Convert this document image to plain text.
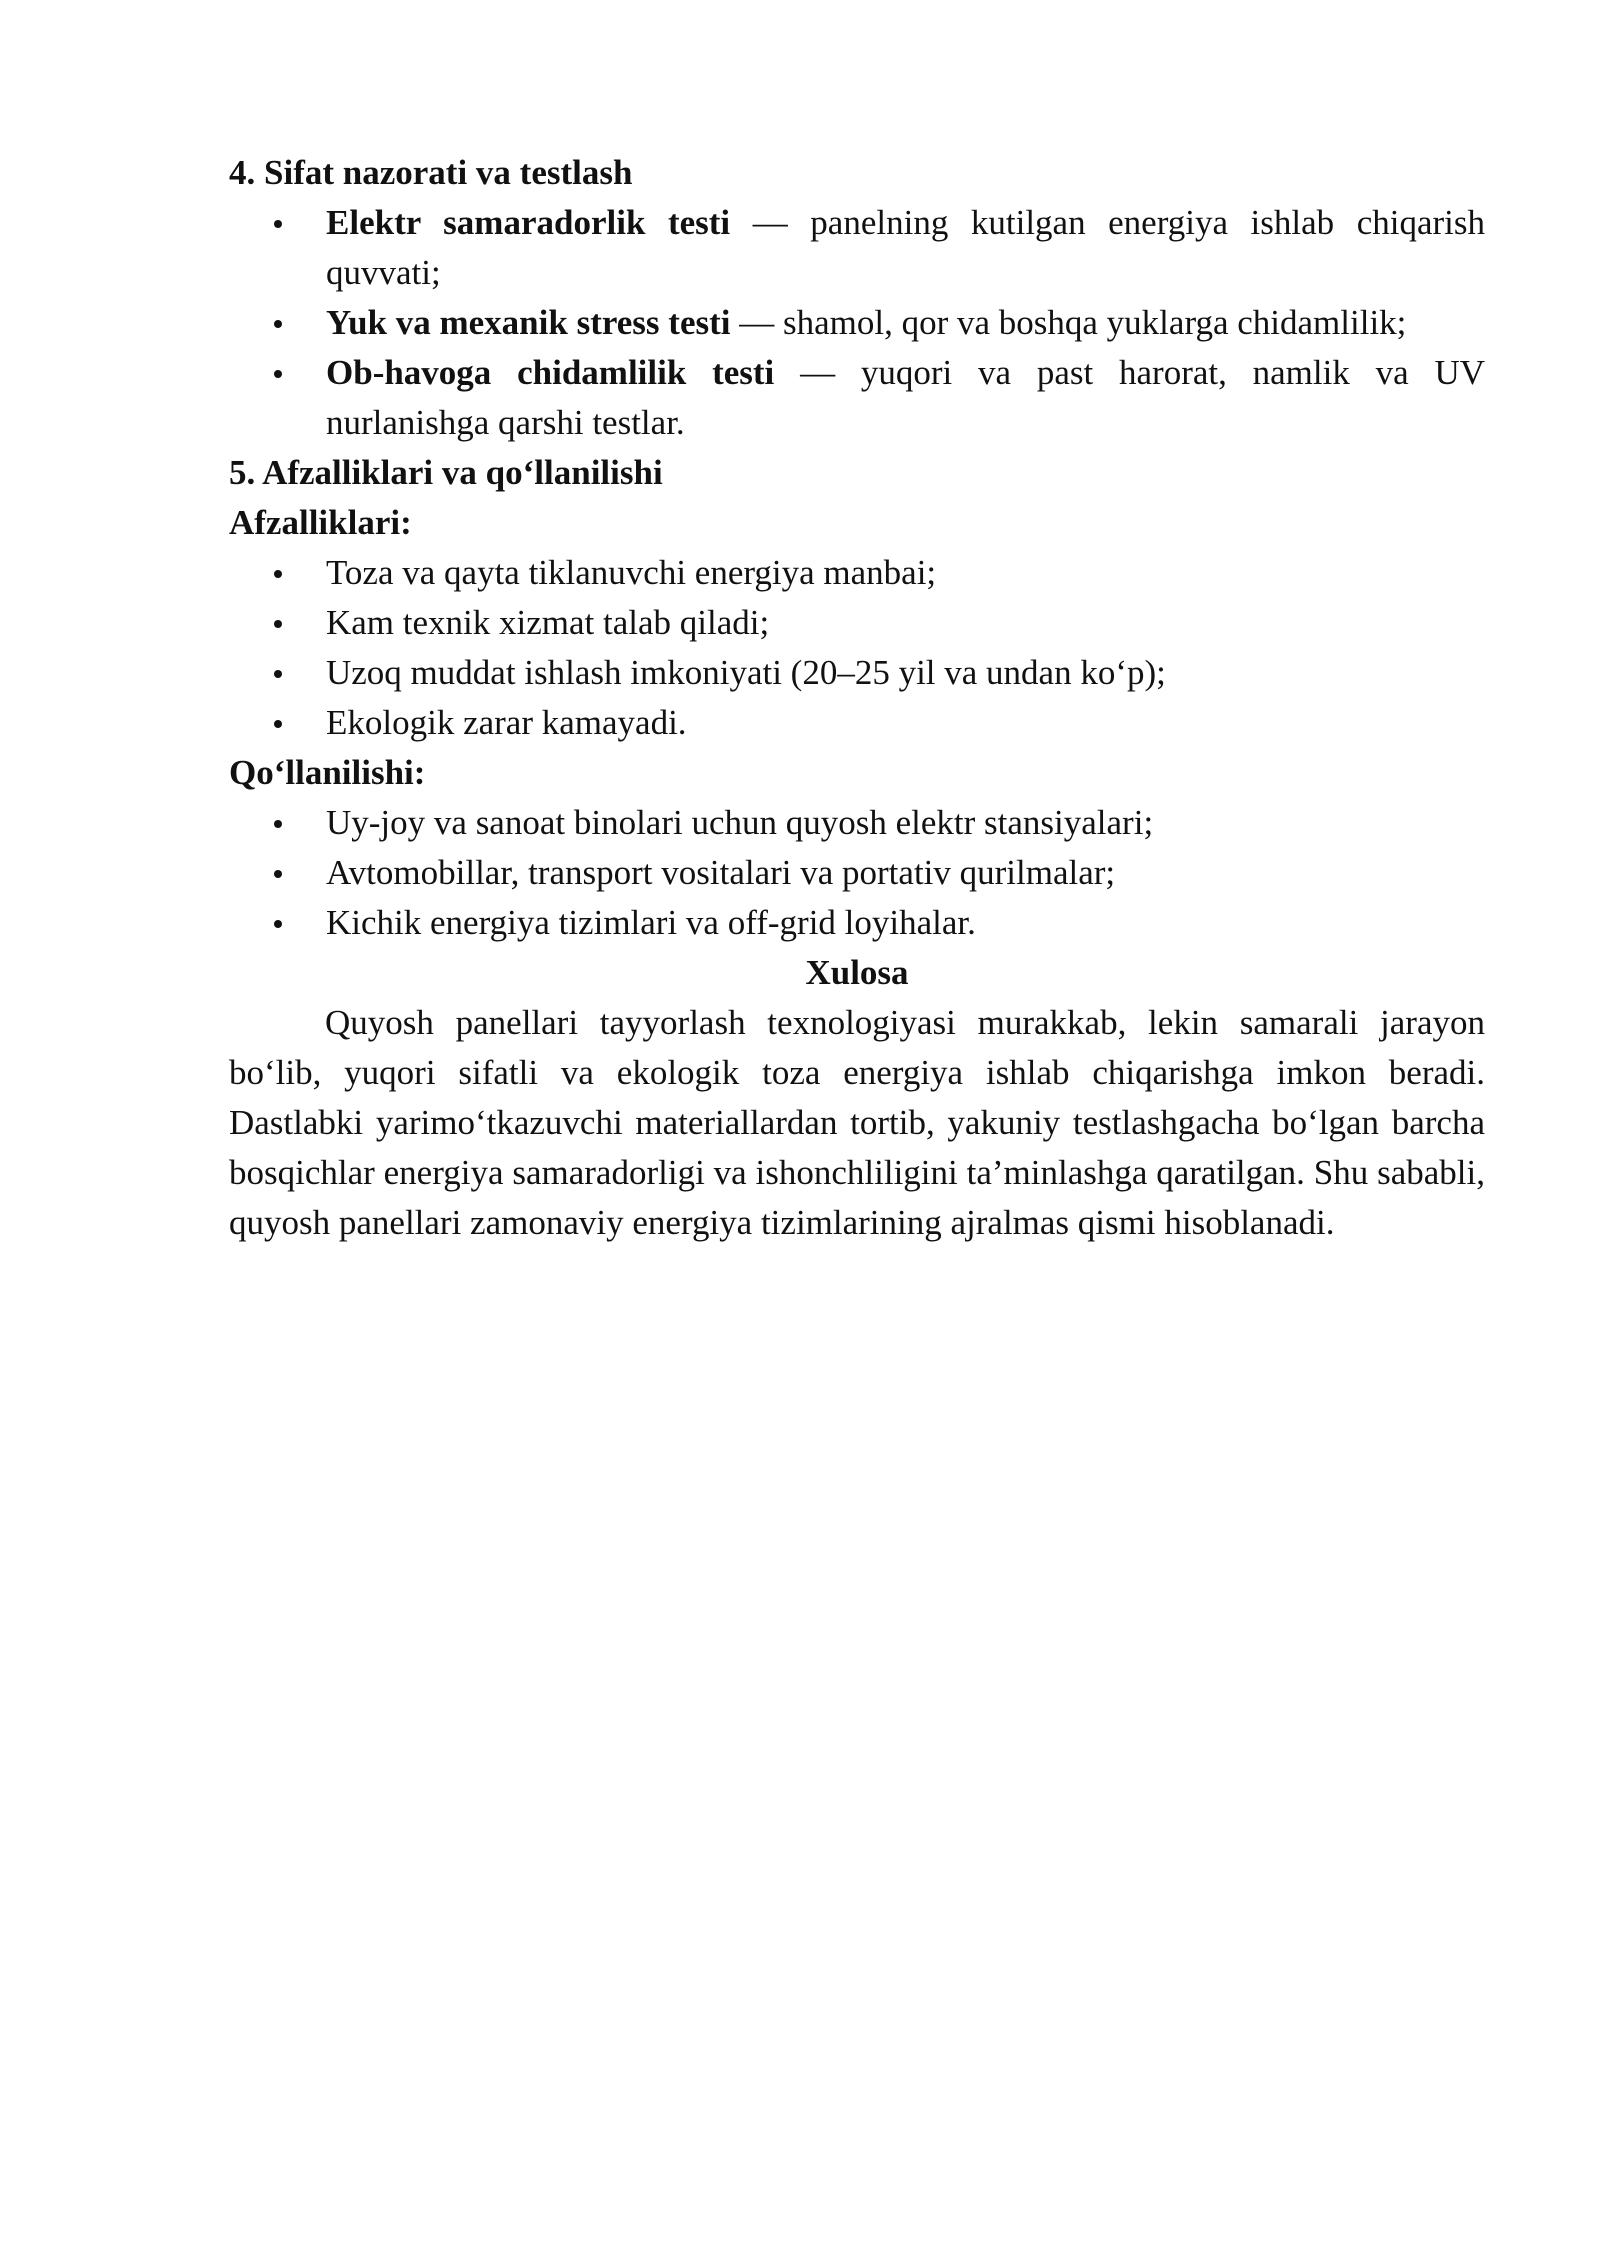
4. Sifat nazorati va testlash
Elektr samaradorlik testi — panelning kutilgan energiya ishlab chiqarish quvvati;
Yuk va mexanik stress testi — shamol, qor va boshqa yuklarga chidamlilik;
Ob-havoga chidamlilik testi — yuqori va past harorat, namlik va UV nurlanishga qarshi testlar.
5. Afzalliklari va qo‘llanilishi
Afzalliklari:
Toza va qayta tiklanuvchi energiya manbai;
Kam texnik xizmat talab qiladi;
Uzoq muddat ishlash imkoniyati (20–25 yil va undan ko‘p);
Ekologik zarar kamayadi.
Qo‘llanilishi:
Uy-joy va sanoat binolari uchun quyosh elektr stansiyalari;
Avtomobillar, transport vositalari va portativ qurilmalar;
Kichik energiya tizimlari va off-grid loyihalar.
Xulosa

Quyosh panellari tayyorlash texnologiyasi murakkab, lekin samarali jarayon bo‘lib, yuqori sifatli va ekologik toza energiya ishlab chiqarishga imkon beradi. Dastlabki yarimo‘tkazuvchi materiallardan tortib, yakuniy testlashgacha bo‘lgan barcha bosqichlar energiya samaradorligi va ishonchliligini ta’minlashga qaratilgan. Shu sababli, quyosh panellari zamonaviy energiya tizimlarining ajralmas qismi hisoblanadi.
